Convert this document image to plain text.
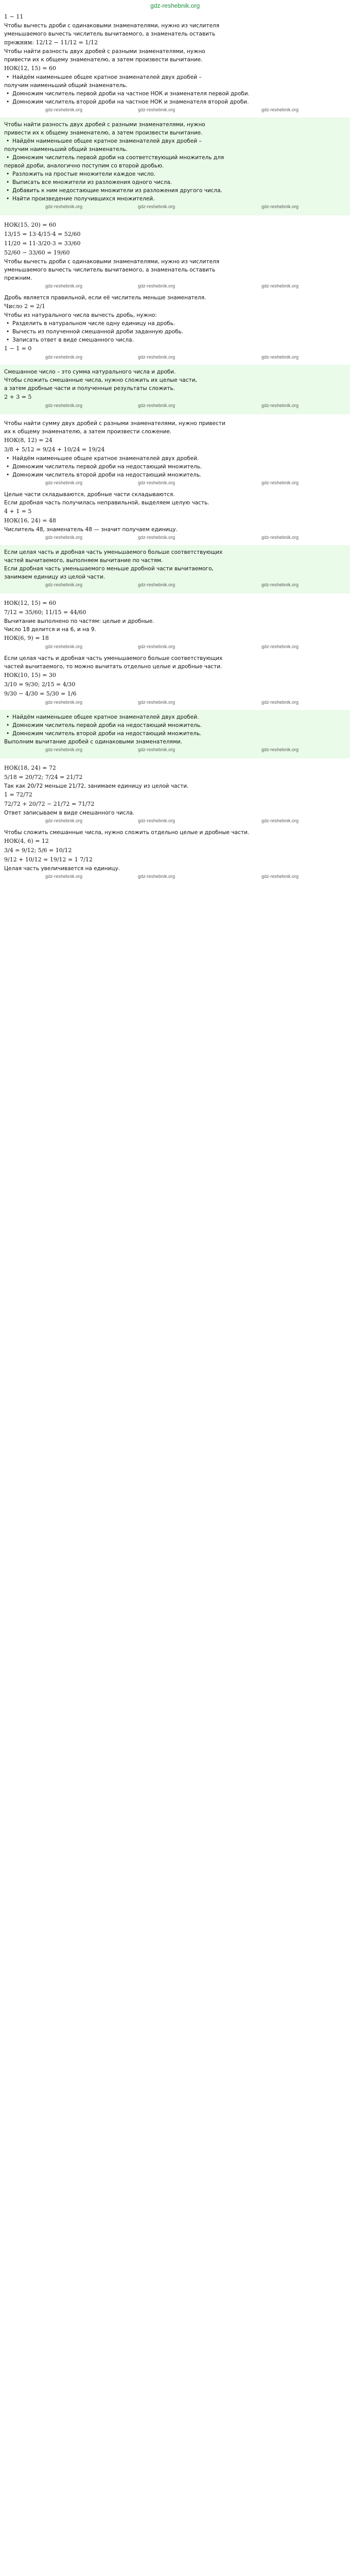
gdz-reshebnik.org
1 − 11
Чтобы вычесть дроби с одинаковыми знаменателями, нужно из числителя
уменьшаемого вычесть числитель вычитаемого, а знаменатель оставить
прежним: 12/12 − 11/12 = 1/12
Чтобы найти разность двух дробей с разными знаменателями, нужно
привести их к общему знаменателю, а затем произвести вычитание.
НОК(12, 15) = 60
• Найдём наименьшее общее кратное знаменателей двух дробей –
получим наименьший общий знаменатель.
• Домножим числитель первой дроби на частное НОК и знаменателя первой дроби.
• Домножим числитель второй дроби на частное НОК и знаменателя второй дроби.
gdz-reshebnik.org	gdz-reshebnik.org	gdz-reshebnik.org
Чтобы найти разность двух дробей с разными знаменателями, нужно
привести их к общему знаменателю, а затем произвести вычитание.
• Найдём наименьшее общее кратное знаменателей двух дробей –
получим наименьший общий знаменатель.
• Домножим числитель первой дроби на соответствующий множитель для
первой дроби, аналогично поступим со второй дробью.
• Разложить на простые множители каждое число.
• Выписать все множители из разложения одного числа.
• Добавить к ним недостающие множители из разложения другого числа.
• Найти произведение получившихся множителей.
gdz-reshebnik.org	gdz-reshebnik.org	gdz-reshebnik.org
НОК(15, 20) = 60
13/15 = 13·4/15·4 = 52/60
11/20 = 11·3/20·3 = 33/60
52/60 − 33/60 = 19/60
Чтобы вычесть дроби с одинаковыми знаменателями, нужно из числителя
уменьшаемого вычесть числитель вычитаемого, а знаменатель оставить
прежним.
gdz-reshebnik.org	gdz-reshebnik.org	gdz-reshebnik.org
Дробь является правильной, если её числитель меньше знаменателя.
Число 2 = 2/1
Чтобы из натурального числа вычесть дробь, нужно:
• Разделить в натуральном числе одну единицу на дробь.
• Вычесть из полученной смешанной дроби заданную дробь.
• Записать ответ в виде смешанного числа.
1 − 1 = 0
gdz-reshebnik.org	gdz-reshebnik.org	gdz-reshebnik.org
Смешанное число – это сумма натурального числа и дроби.
Чтобы сложить смешанные числа, нужно сложить их целые части,
а затем дробные части и полученные результаты сложить.
2 + 3 = 5
gdz-reshebnik.org	gdz-reshebnik.org	gdz-reshebnik.org
Чтобы найти сумму двух дробей с разными знаменателями, нужно привести
их к общему знаменателю, а затем произвести сложение.
НОК(8, 12) = 24
3/8 + 5/12 = 9/24 + 10/24 = 19/24
• Найдём наименьшее общее кратное знаменателей двух дробей.
• Домножим числитель первой дроби на недостающий множитель.
• Домножим числитель второй дроби на недостающий множитель.
gdz-reshebnik.org	gdz-reshebnik.org	gdz-reshebnik.org
Целые части складываются, дробные части складываются.
Если дробная часть получилась неправильной, выделяем целую часть.
4 + 1 = 5
НОК(16, 24) = 48
Числитель 48, знаменатель 48 — значит получаем единицу.
gdz-reshebnik.org	gdz-reshebnik.org	gdz-reshebnik.org
Если целая часть и дробная часть уменьшаемого больше соответствующих
частей вычитаемого, выполняем вычитание по частям.
Если дробная часть уменьшаемого меньше дробной части вычитаемого,
занимаем единицу из целой части.
gdz-reshebnik.org	gdz-reshebnik.org	gdz-reshebnik.org
НОК(12, 15) = 60
7/12 = 35/60; 11/15 = 44/60
Вычитание выполнено по частям: целые и дробные.
Число 18 делится и на 6, и на 9.
НОК(6, 9) = 18
gdz-reshebnik.org	gdz-reshebnik.org	gdz-reshebnik.org
Если целая часть и дробная часть уменьшаемого больше соответствующих
частей вычитаемого, то можно вычитать отдельно целые и дробные части.
НОК(10, 15) = 30
3/10 = 9/30; 2/15 = 4/30
9/30 − 4/30 = 5/30 = 1/6
gdz-reshebnik.org	gdz-reshebnik.org	gdz-reshebnik.org
• Найдём наименьшее общее кратное знаменателей двух дробей.
• Домножим числитель первой дроби на недостающий множитель.
• Домножим числитель второй дроби на недостающий множитель.
Выполним вычитание дробей с одинаковыми знаменателями.
gdz-reshebnik.org	gdz-reshebnik.org	gdz-reshebnik.org
НОК(18, 24) = 72
5/18 = 20/72; 7/24 = 21/72
Так как 20/72 меньше 21/72, занимаем единицу из целой части.
1 = 72/72
72/72 + 20/72 − 21/72 = 71/72
Ответ записываем в виде смешанного числа.
gdz-reshebnik.org	gdz-reshebnik.org	gdz-reshebnik.org
Чтобы сложить смешанные числа, нужно сложить отдельно целые и дробные части.
НОК(4, 6) = 12
3/4 = 9/12; 5/6 = 10/12
9/12 + 10/12 = 19/12 = 1 7/12
Целая часть увеличивается на единицу.
gdz-reshebnik.org	gdz-reshebnik.org	gdz-reshebnik.org
